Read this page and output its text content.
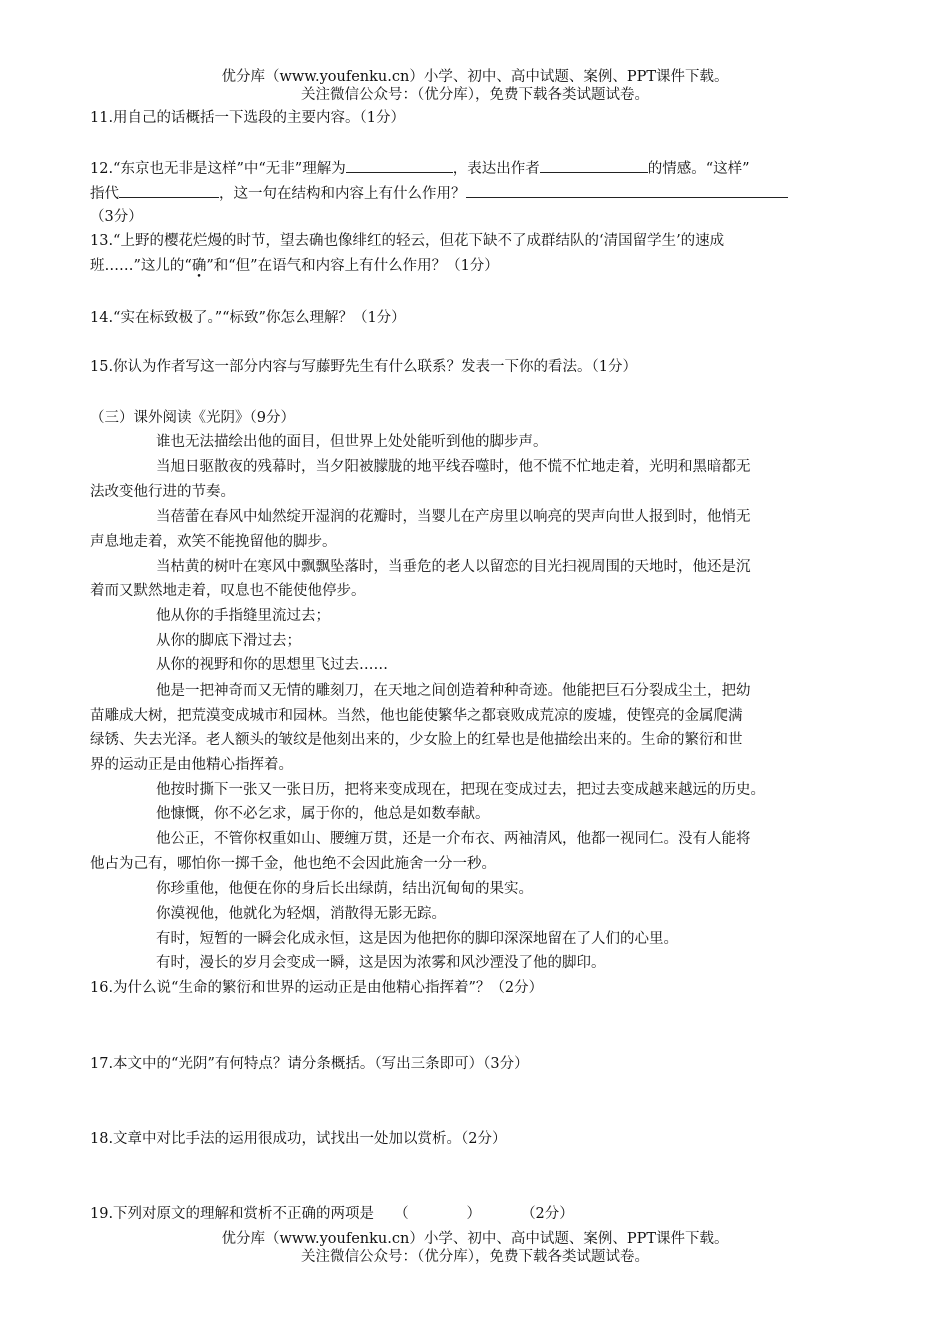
优分库（www.youfenku.cn）小学、初中、高中试题、案例、PPT课件下载。
关注微信公众号：（优分库），免费下载各类试题试卷。
11.用自己的话概括一下选段的主要内容。（1分）
12.“东京也无非是这样”中“无非”理解为	，表达出作者	的情感。“这样”
指代	，这一句在结构和内容上有什么作用？
（3分）
13.“上野的樱花烂熳的时节，望去确也像绯红的轻云，但花下缺不了成群结队的‘清国留学生’的速成
班……”这儿的“确”和“但”在语气和内容上有什么作用？（1分）
14.“实在标致极了。”“标致”你怎么理解？（1分）
15.你认为作者写这一部分内容与写藤野先生有什么联系？发表一下你的看法。（1分）
（三）课外阅读《光阴》（9分）
谁也无法描绘出他的面目，但世界上处处能听到他的脚步声。
当旭日驱散夜的残幕时，当夕阳被朦胧的地平线吞噬时，他不慌不忙地走着，光明和黑暗都无
法改变他行进的节奏。
当蓓蕾在春风中灿然绽开湿润的花瓣时，当婴儿在产房里以响亮的哭声向世人报到时，他悄无
声息地走着，欢笑不能挽留他的脚步。
当枯黄的树叶在寒风中飘飘坠落时，当垂危的老人以留恋的目光扫视周围的天地时，他还是沉
着而又默然地走着，叹息也不能使他停步。
他从你的手指缝里流过去；
从你的脚底下滑过去；
从你的视野和你的思想里飞过去……
他是一把神奇而又无情的雕刻刀，在天地之间创造着种种奇迹。他能把巨石分裂成尘土，把幼
苗雕成大树，把荒漠变成城市和园林。当然，他也能使繁华之都衰败成荒凉的废墟，使铿亮的金属爬满
绿锈、失去光泽。老人额头的皱纹是他刻出来的，少女脸上的红晕也是他描绘出来的。生命的繁衍和世
界的运动正是由他精心指挥着。
他按时撕下一张又一张日历，把将来变成现在，把现在变成过去，把过去变成越来越远的历史。
他慷慨，你不必乞求，属于你的，他总是如数奉献。
他公正，不管你权重如山、腰缠万贯，还是一介布衣、两袖清风，他都一视同仁。没有人能将
他占为己有，哪怕你一掷千金，他也绝不会因此施舍一分一秒。
你珍重他，他便在你的身后长出绿荫，结出沉甸甸的果实。
你漠视他，他就化为轻烟，消散得无影无踪。
有时，短暂的一瞬会化成永恒，这是因为他把你的脚印深深地留在了人们的心里。
有时，漫长的岁月会变成一瞬，这是因为浓雾和风沙湮没了他的脚印。
16.为什么说“生命的繁衍和世界的运动正是由他精心指挥着”？（2分）
17.本文中的“光阴”有何特点？请分条概括。（写出三条即可）（3分）
18.文章中对比手法的运用很成功，试找出一处加以赏析。（2分）
19.下列对原文的理解和赏析不正确的两项是 （　　　　）	（2分）
优分库（www.youfenku.cn）小学、初中、高中试题、案例、PPT课件下载。
关注微信公众号：（优分库），免费下载各类试题试卷。
